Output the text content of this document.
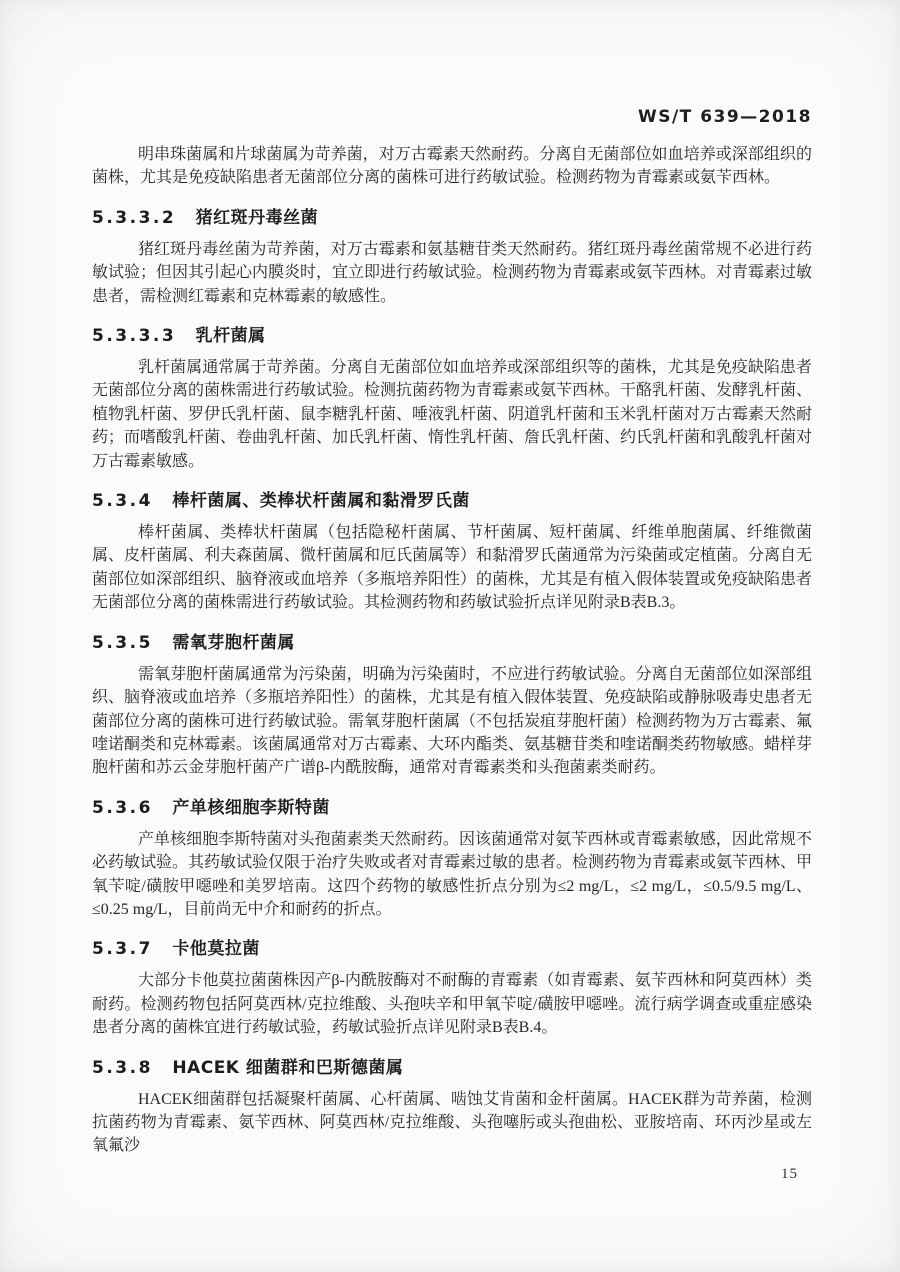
WS/T 639—2018

明串珠菌属和片球菌属为苛养菌，对万古霉素天然耐药。分离自无菌部位如血培养或深部组织的菌株，尤其是免疫缺陷患者无菌部位分离的菌株可进行药敏试验。检测药物为青霉素或氨苄西林。

5.3.3.2 猪红斑丹毒丝菌

猪红斑丹毒丝菌为苛养菌，对万古霉素和氨基糖苷类天然耐药。猪红斑丹毒丝菌常规不必进行药敏试验；但因其引起心内膜炎时，宜立即进行药敏试验。检测药物为青霉素或氨苄西林。对青霉素过敏患者，需检测红霉素和克林霉素的敏感性。

5.3.3.3 乳杆菌属

乳杆菌属通常属于苛养菌。分离自无菌部位如血培养或深部组织等的菌株，尤其是免疫缺陷患者无菌部位分离的菌株需进行药敏试验。检测抗菌药物为青霉素或氨苄西林。干酪乳杆菌、发酵乳杆菌、植物乳杆菌、罗伊氏乳杆菌、鼠李糖乳杆菌、唾液乳杆菌、阴道乳杆菌和玉米乳杆菌对万古霉素天然耐药；而嗜酸乳杆菌、卷曲乳杆菌、加氏乳杆菌、惰性乳杆菌、詹氏乳杆菌、约氏乳杆菌和乳酸乳杆菌对万古霉素敏感。

5.3.4 棒杆菌属、类棒状杆菌属和黏滑罗氏菌

棒杆菌属、类棒状杆菌属（包括隐秘杆菌属、节杆菌属、短杆菌属、纤维单胞菌属、纤维微菌属、皮杆菌属、利夫森菌属、微杆菌属和厄氏菌属等）和黏滑罗氏菌通常为污染菌或定植菌。分离自无菌部位如深部组织、脑脊液或血培养（多瓶培养阳性）的菌株，尤其是有植入假体装置或免疫缺陷患者无菌部位分离的菌株需进行药敏试验。其检测药物和药敏试验折点详见附录B表B.3。

5.3.5 需氧芽胞杆菌属

需氧芽胞杆菌属通常为污染菌，明确为污染菌时，不应进行药敏试验。分离自无菌部位如深部组织、脑脊液或血培养（多瓶培养阳性）的菌株，尤其是有植入假体装置、免疫缺陷或静脉吸毒史患者无菌部位分离的菌株可进行药敏试验。需氧芽胞杆菌属（不包括炭疽芽胞杆菌）检测药物为万古霉素、氟喹诺酮类和克林霉素。该菌属通常对万古霉素、大环内酯类、氨基糖苷类和喹诺酮类药物敏感。蜡样芽胞杆菌和苏云金芽胞杆菌产广谱β-内酰胺酶，通常对青霉素类和头孢菌素类耐药。

5.3.6 产单核细胞李斯特菌

产单核细胞李斯特菌对头孢菌素类天然耐药。因该菌通常对氨苄西林或青霉素敏感，因此常规不必药敏试验。其药敏试验仅限于治疗失败或者对青霉素过敏的患者。检测药物为青霉素或氨苄西林、甲氧苄啶/磺胺甲噁唑和美罗培南。这四个药物的敏感性折点分别为≤2 mg/L，≤2 mg/L，≤0.5/9.5 mg/L、≤0.25 mg/L，目前尚无中介和耐药的折点。

5.3.7 卡他莫拉菌

大部分卡他莫拉菌菌株因产β-内酰胺酶对不耐酶的青霉素（如青霉素、氨苄西林和阿莫西林）类耐药。检测药物包括阿莫西林/克拉维酸、头孢呋辛和甲氧苄啶/磺胺甲噁唑。流行病学调查或重症感染患者分离的菌株宜进行药敏试验，药敏试验折点详见附录B表B.4。

5.3.8 HACEK 细菌群和巴斯德菌属

HACEK细菌群包括凝聚杆菌属、心杆菌属、啮蚀艾肯菌和金杆菌属。HACEK群为苛养菌，检测抗菌药物为青霉素、氨苄西林、阿莫西林/克拉维酸、头孢噻肟或头孢曲松、亚胺培南、环丙沙星或左氧氟沙

15
